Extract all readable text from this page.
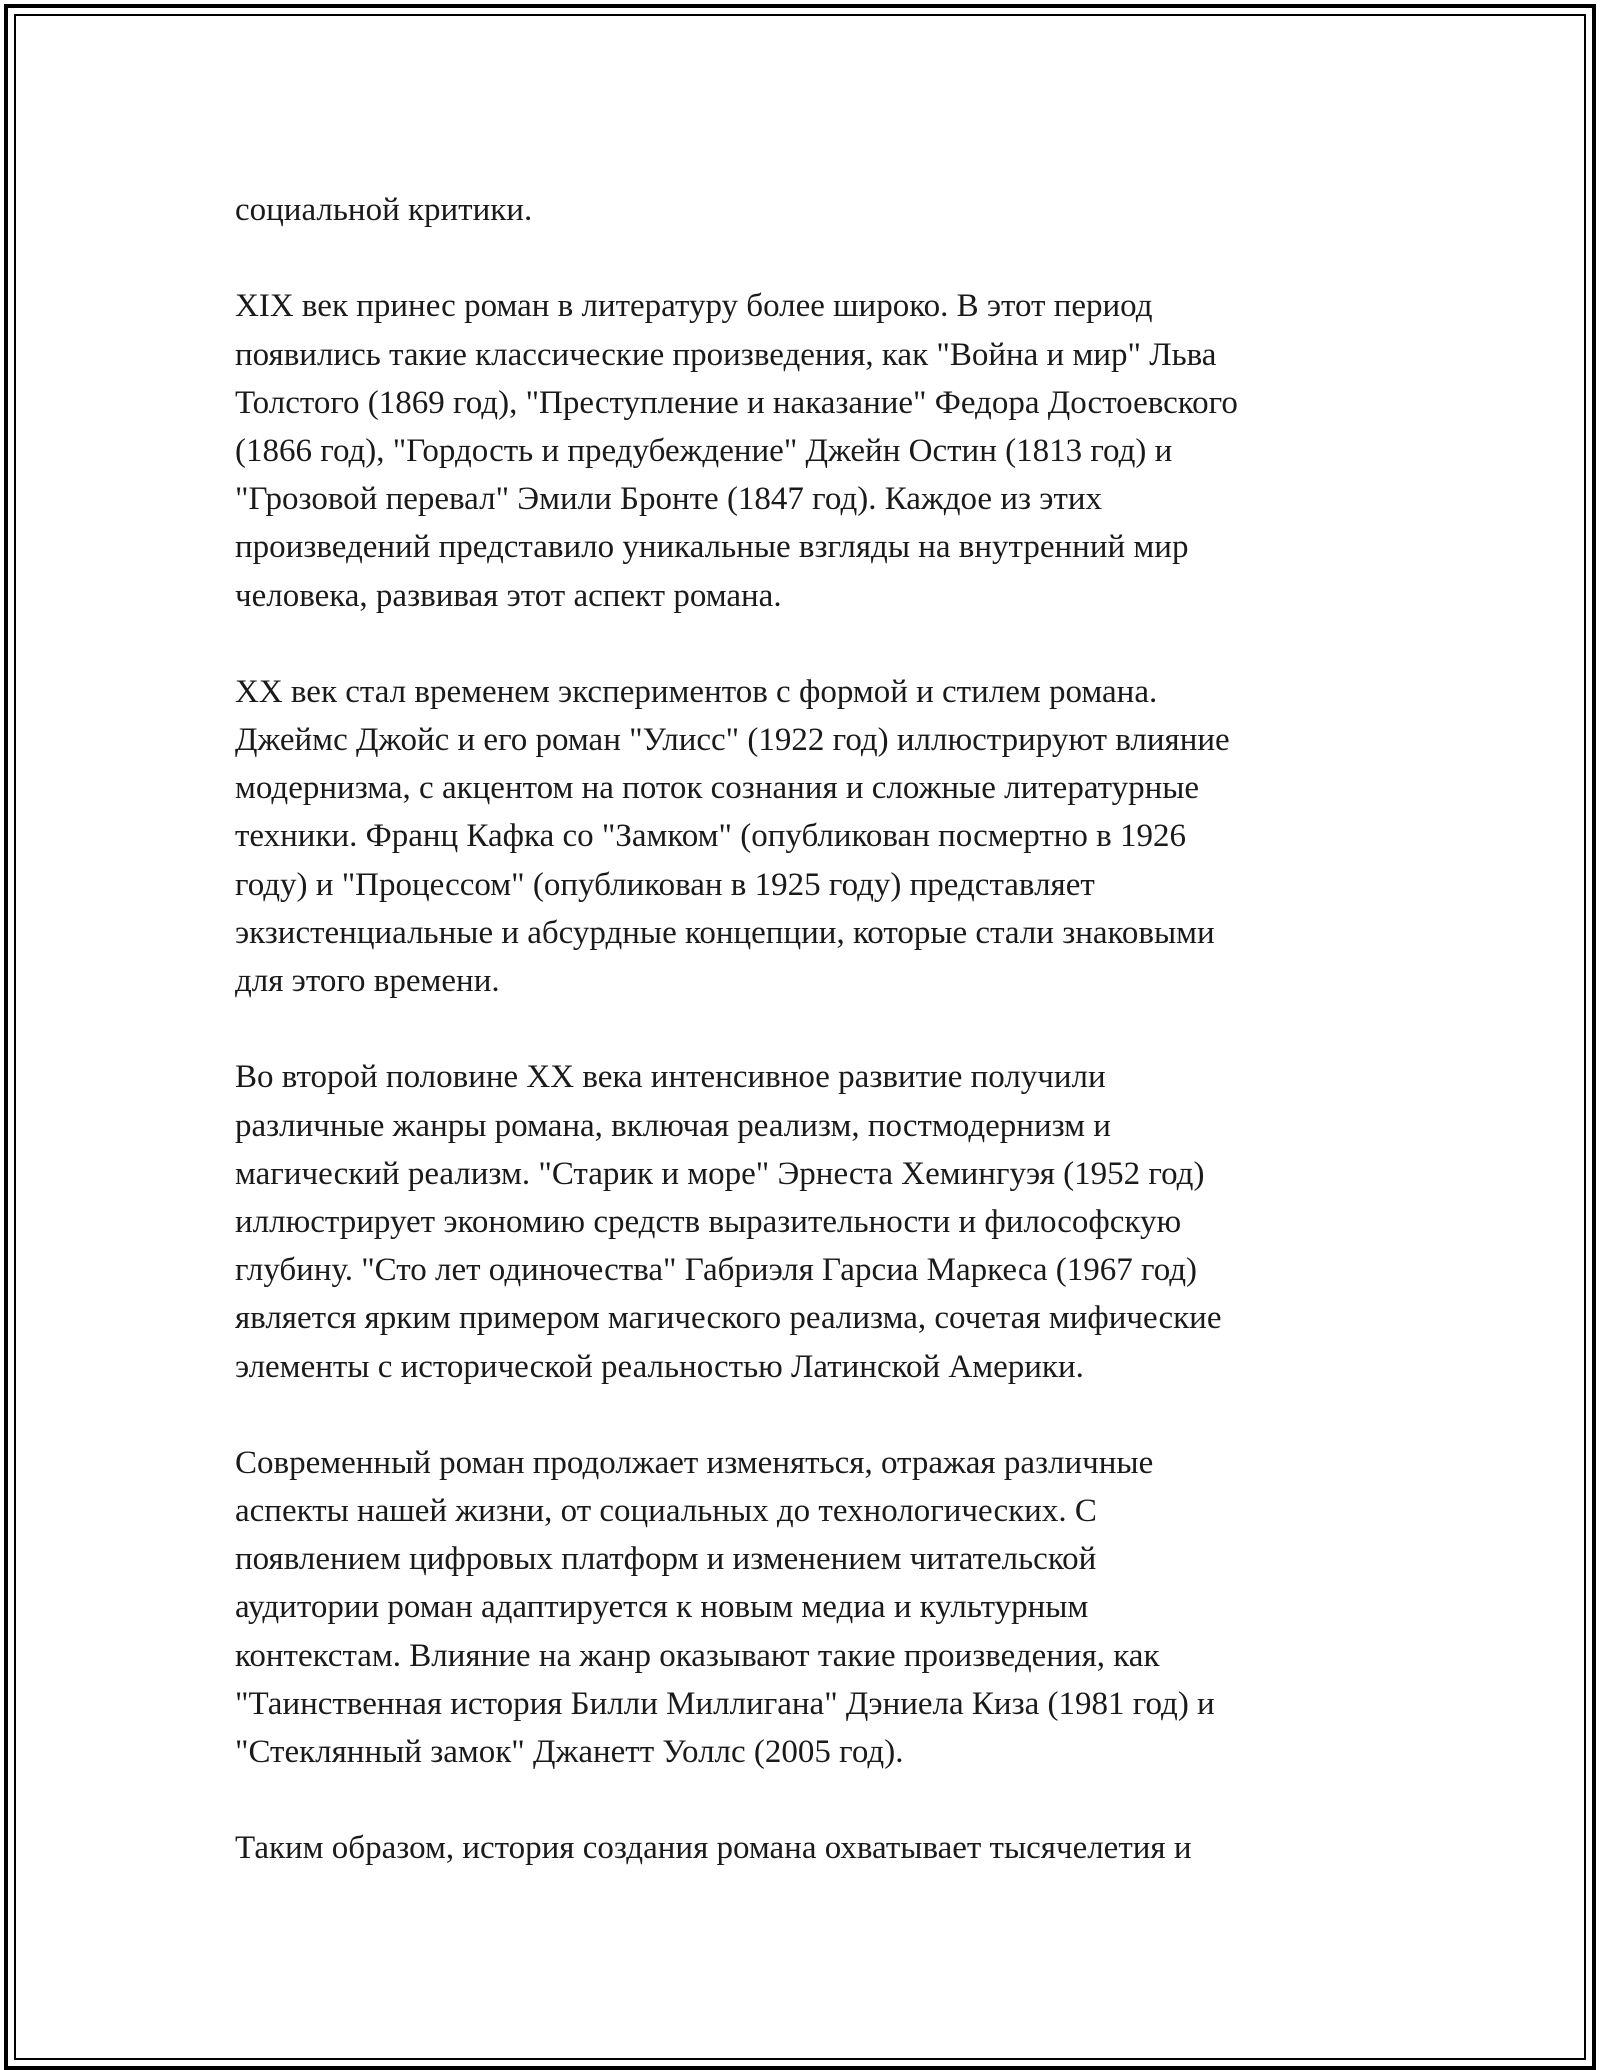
социальной критики.
XIX век принес роман в литературу более широко. В этот период
появились такие классические произведения, как "Война и мир" Льва
Толстого (1869 год), "Преступление и наказание" Федора Достоевского
(1866 год), "Гордость и предубеждение" Джейн Остин (1813 год) и
"Грозовой перевал" Эмили Бронте (1847 год). Каждое из этих
произведений представило уникальные взгляды на внутренний мир
человека, развивая этот аспект романа.
XX век стал временем экспериментов с формой и стилем романа.
Джеймс Джойс и его роман "Улисс" (1922 год) иллюстрируют влияние
модернизма, с акцентом на поток сознания и сложные литературные
техники. Франц Кафка со "Замком" (опубликован посмертно в 1926
году) и "Процессом" (опубликован в 1925 году) представляет
экзистенциальные и абсурдные концепции, которые стали знаковыми
для этого времени.
Во второй половине XX века интенсивное развитие получили
различные жанры романа, включая реализм, постмодернизм и
магический реализм. "Старик и море" Эрнеста Хемингуэя (1952 год)
иллюстрирует экономию средств выразительности и философскую
глубину. "Сто лет одиночества" Габриэля Гарсиа Маркеса (1967 год)
является ярким примером магического реализма, сочетая мифические
элементы с исторической реальностью Латинской Америки.
Современный роман продолжает изменяться, отражая различные
аспекты нашей жизни, от социальных до технологических. С
появлением цифровых платформ и изменением читательской
аудитории роман адаптируется к новым медиа и культурным
контекстам. Влияние на жанр оказывают такие произведения, как
"Таинственная история Билли Миллигана" Дэниела Киза (1981 год) и
"Стеклянный замок" Джанетт Уоллс (2005 год).
Таким образом, история создания романа охватывает тысячелетия и
